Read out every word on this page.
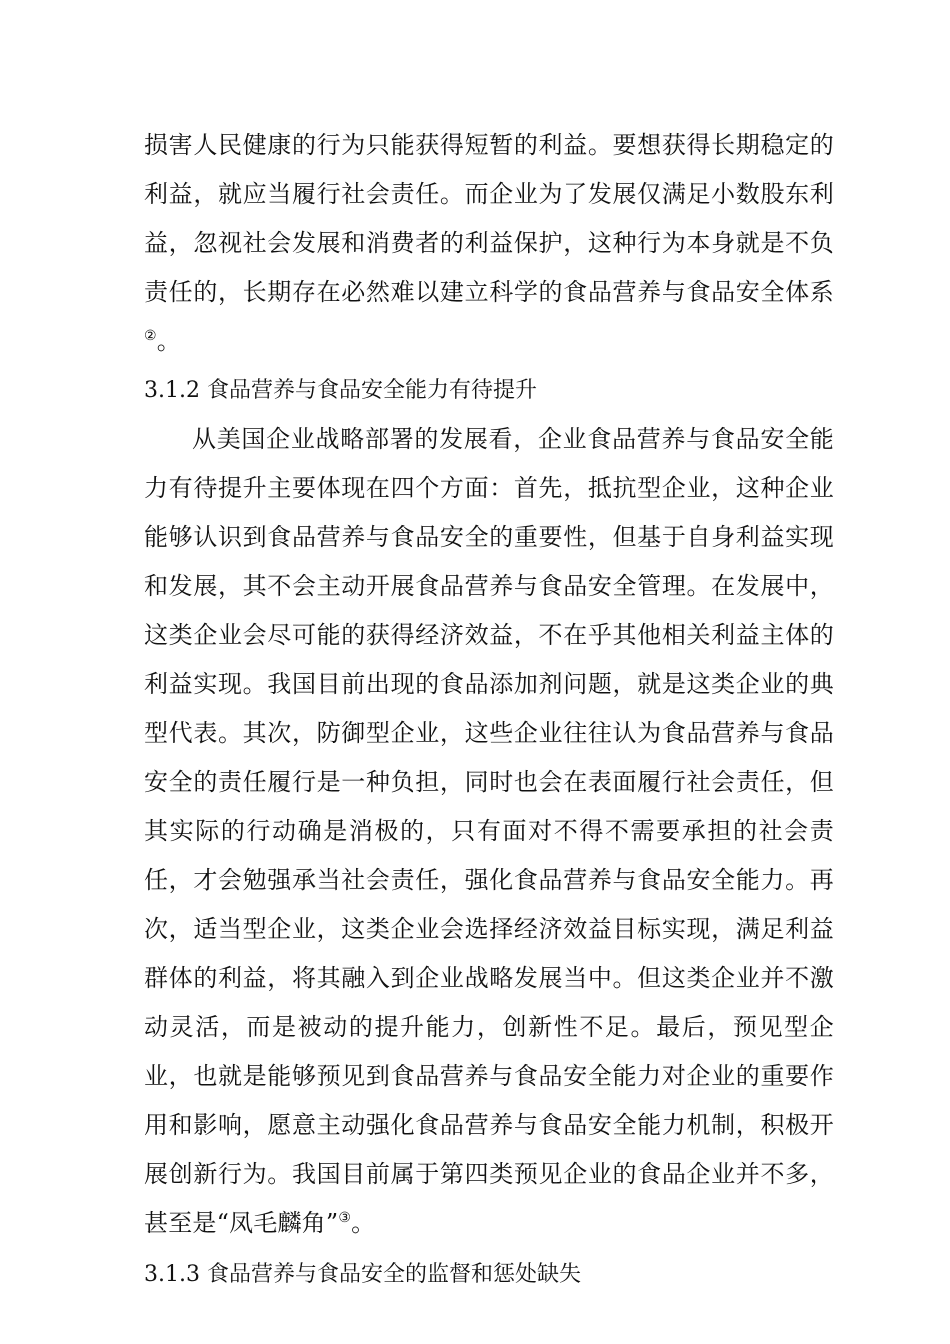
损害人民健康的行为只能获得短暂的利益。要想获得长期稳定的利益，就应当履行社会责任。而企业为了发展仅满足小数股东利益，忽视社会发展和消费者的利益保护，这种行为本身就是不负责任的，长期存在必然难以建立科学的食品营养与食品安全体系②。

3.1.2 食品营养与食品安全能力有待提升

从美国企业战略部署的发展看，企业食品营养与食品安全能力有待提升主要体现在四个方面：首先，抵抗型企业，这种企业能够认识到食品营养与食品安全的重要性，但基于自身利益实现和发展，其不会主动开展食品营养与食品安全管理。在发展中，这类企业会尽可能的获得经济效益，不在乎其他相关利益主体的利益实现。我国目前出现的食品添加剂问题，就是这类企业的典型代表。其次，防御型企业，这些企业往往认为食品营养与食品安全的责任履行是一种负担，同时也会在表面履行社会责任，但其实际的行动确是消极的，只有面对不得不需要承担的社会责任，才会勉强承当社会责任，强化食品营养与食品安全能力。再次，适当型企业，这类企业会选择经济效益目标实现，满足利益群体的利益，将其融入到企业战略发展当中。但这类企业并不激动灵活，而是被动的提升能力，创新性不足。最后，预见型企业，也就是能够预见到食品营养与食品安全能力对企业的重要作用和影响，愿意主动强化食品营养与食品安全能力机制，积极开展创新行为。我国目前属于第四类预见企业的食品企业并不多，甚至是“凤毛麟角”③。

3.1.3 食品营养与食品安全的监督和惩处缺失
